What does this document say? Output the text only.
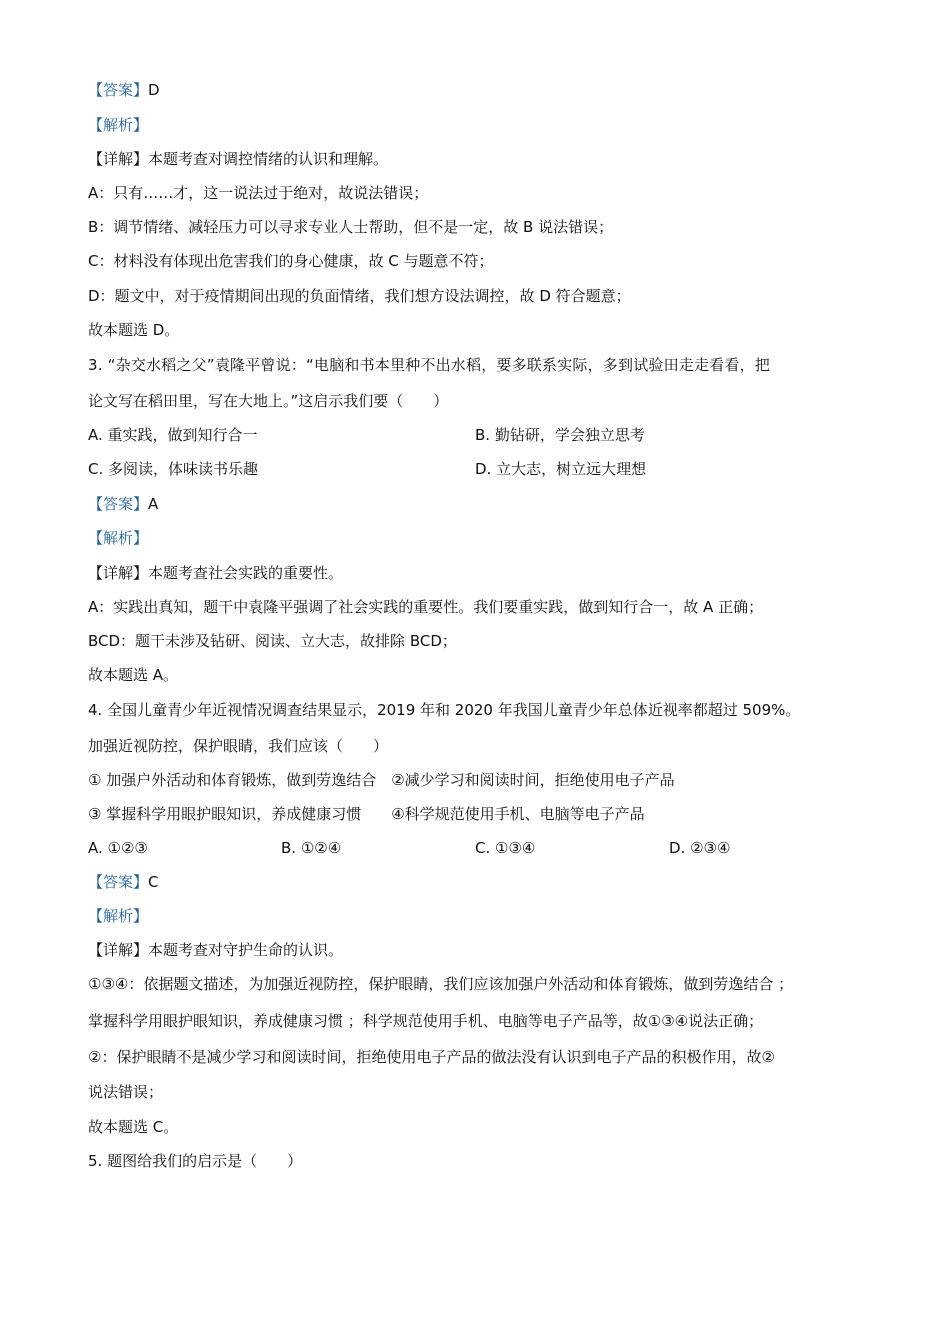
【答案】D
【解析】
【详解】本题考查对调控情绪的认识和理解。
A：只有……才，这一说法过于绝对，故说法错误；
B：调节情绪、减轻压力可以寻求专业人士帮助，但不是一定，故 B 说法错误；
C：材料没有体现出危害我们的身心健康，故 C 与题意不符；
D：题文中，对于疫情期间出现的负面情绪，我们想方设法调控，故 D 符合题意；
故本题选 D。
3. “杂交水稻之父”袁隆平曾说：“电脑和书本里种不出水稻，要多联系实际，多到试验田走走看看，把
论文写在稻田里，写在大地上。”这启示我们要（　　）
A. 重实践，做到知行合一	B. 勤钻研，学会独立思考
C. 多阅读，体味读书乐趣	D. 立大志，树立远大理想
【答案】A
【解析】
【详解】本题考查社会实践的重要性。
A：实践出真知，题干中袁隆平强调了社会实践的重要性。我们要重实践，做到知行合一，故 A 正确；
BCD：题干未涉及钻研、阅读、立大志，故排除 BCD；
故本题选 A。
4. 全国儿童青少年近视情况调查结果显示，2019 年和 2020 年我国儿童青少年总体近视率都超过 509%。
加强近视防控，保护眼睛，我们应该（　　）
① 加强户外活动和体育锻炼，做到劳逸结合　②减少学习和阅读时间，拒绝使用电子产品
③ 掌握科学用眼护眼知识，养成健康习惯　　④科学规范使用手机、电脑等电子产品
A. ①②③	B. ①②④	C. ①③④	D. ②③④
【答案】C
【解析】
【详解】本题考查对守护生命的认识。
①③④：依据题文描述，为加强近视防控，保护眼睛，我们应该加强户外活动和体育锻炼，做到劳逸结合 ；
掌握科学用眼护眼知识，养成健康习惯 ；科学规范使用手机、电脑等电子产品等，故①③④说法正确；
②：保护眼睛不是减少学习和阅读时间，拒绝使用电子产品的做法没有认识到电子产品的积极作用，故②
说法错误；
故本题选 C。
5. 题图给我们的启示是（　　）
